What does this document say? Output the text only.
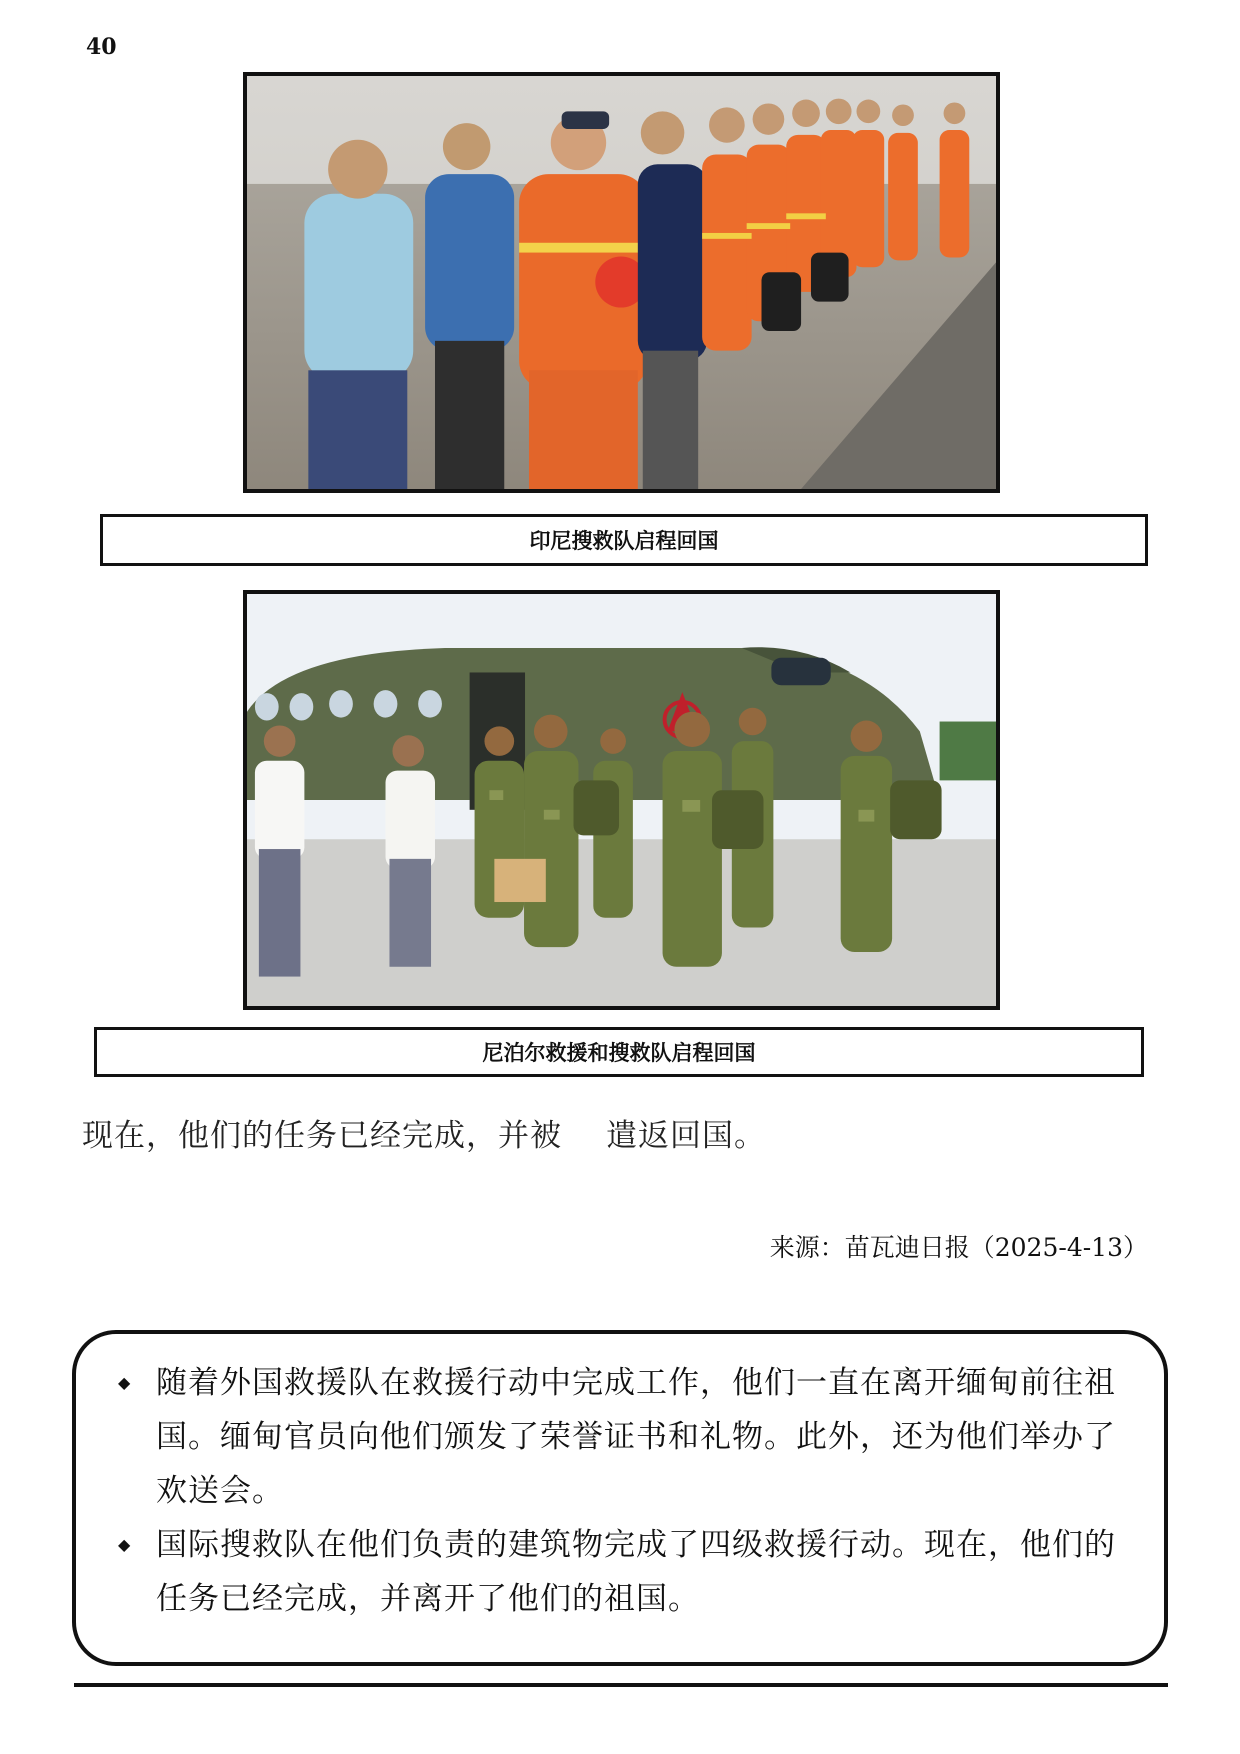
40
印尼搜救队启程回国
尼泊尔救援和搜救队启程回国
现在，他们的任务已经完成，并被 遣返回国。
来源：苗瓦迪日报（2025-4-13）
◆ 随着外国救援队在救援行动中完成工作，他们一直在离开缅甸前往祖国。缅甸官员向他们颁发了荣誉证书和礼物。此外，还为他们举办了欢送会。
◆ 国际搜救队在他们负责的建筑物完成了四级救援行动。现在，他们的任务已经完成，并离开了他们的祖国。
